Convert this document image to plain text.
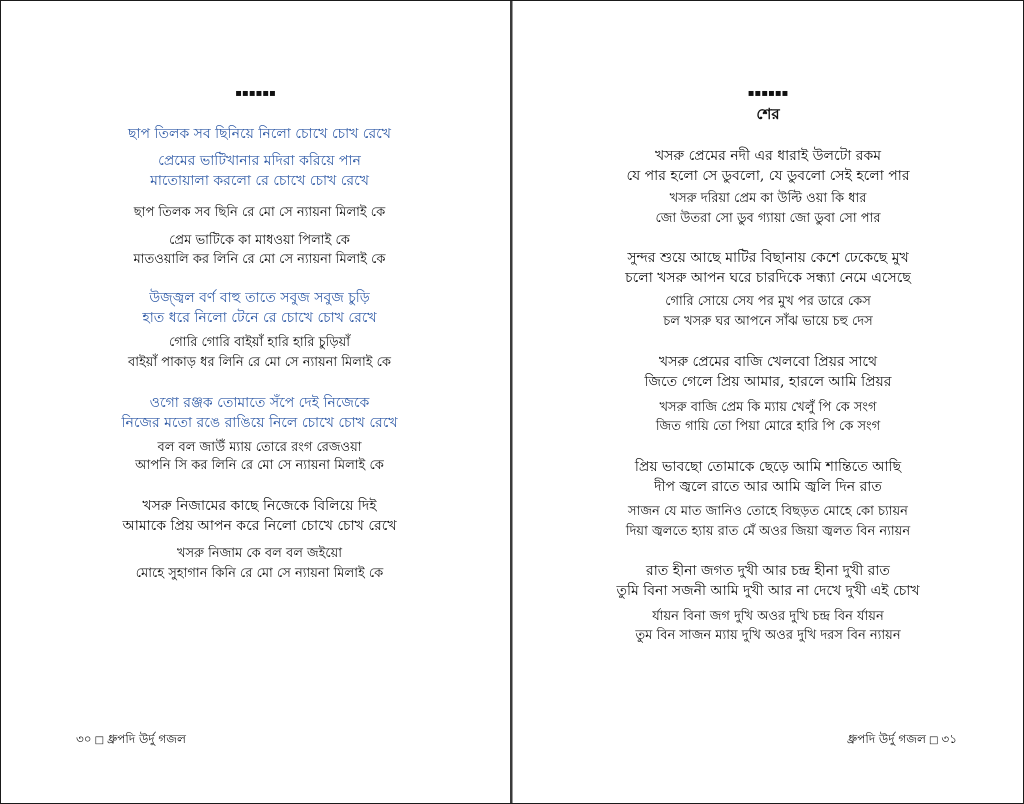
▪▪▪▪▪▪
ছাপ তিলক সব ছিনিয়ে নিলো চোখে চোখ রেখে
প্রেমের ভাটিখানার মদিরা করিয়ে পান
মাতোয়ালা করলো রে চোখে চোখ রেখে
ছাপ তিলক সব ছিনি রে মো সে ন্যায়না মিলাই কে
প্রেম ভাটিকে কা মাধওয়া পিলাই কে
মাতওয়ালি কর লিনি রে মো সে ন্যায়না মিলাই কে
উজ্জ্বল বর্ণ বাহু তাতে সবুজ সবুজ চুড়ি
হাত ধরে নিলো টেনে রে চোখে চোখ রেখে
গোরি গোরি বাইয়াঁ হারি হারি চুড়িয়াঁ
বাইয়াঁ পাকাড় ধর লিনি রে মো সে ন্যায়না মিলাই কে
ওগো রঞ্জক তোমাতে সঁপে দেই নিজেকে
নিজের মতো রঙে রাঙিয়ে নিলে চোখে চোখ রেখে
বল বল জাউঁ ম্যায় তোরে রংগ রেজওয়া
আপনি সি কর লিনি রে মো সে ন্যায়না মিলাই কে
খসরু নিজামের কাছে নিজেকে বিলিয়ে দিই
আমাকে প্রিয় আপন করে নিলো চোখে চোখ রেখে
খসরু নিজাম কে বল বল জইয়ো
মোহে সুহাগান কিনি রে মো সে ন্যায়না মিলাই কে
৩০ □ ধ্রুপদি উর্দু গজল
▪▪▪▪▪▪
শের
খসরু প্রেমের নদী এর ধারাই উলটো রকম
যে পার হলো সে ডুবলো, যে ডুবলো সেই হলো পার
খসরু দরিয়া প্রেম কা উল্টি ওয়া কি ধার
জো উতরা সো ডুব গ্যায়া জো ডুবা সো পার
সুন্দর শুয়ে আছে মাটির বিছানায় কেশে ঢেকেছে মুখ
চলো খসরু আপন ঘরে চারদিকে সন্ধ্যা নেমে এসেছে
গোরি সোয়ে সেয পর মুখ পর ডারে কেস
চল খসরু ঘর আপনে সাঁঝ ভায়ে চহু দেস
খসরু প্রেমের বাজি খেলবো প্রিয়র সাথে
জিতে গেলে প্রিয় আমার, হারলে আমি প্রিয়র
খসরু বাজি প্রেম কি ম্যায় খেলুঁ পি কে সংগ
জিত গায়ি তো পিয়া মোরে হারি পি কে সংগ
প্রিয় ভাবছো তোমাকে ছেড়ে আমি শান্তিতে আছি
দীপ জ্বলে রাতে আর আমি জ্বলি দিন রাত
সাজন যে মাত জানিও তোহে বিছড়ত মোহে কো চ্যায়ন
দিয়া জ্বলতে হ্যায় রাত মেঁ অওর জিয়া জ্বলত বিন ন্যায়ন
রাত হীনা জগত দুখী আর চন্দ্র হীনা দুখী রাত
তুমি বিনা সজনী আমি দুখী আর না দেখে দুখী এই চোখ
র্যায়ন বিনা জগ দুখি অওর দুখি চন্দ্র বিন র্যায়ন
তুম বিন সাজন ম্যায় দুখি অওর দুখি দরস বিন ন্যায়ন
ধ্রুপদি উর্দু গজল □ ৩১
